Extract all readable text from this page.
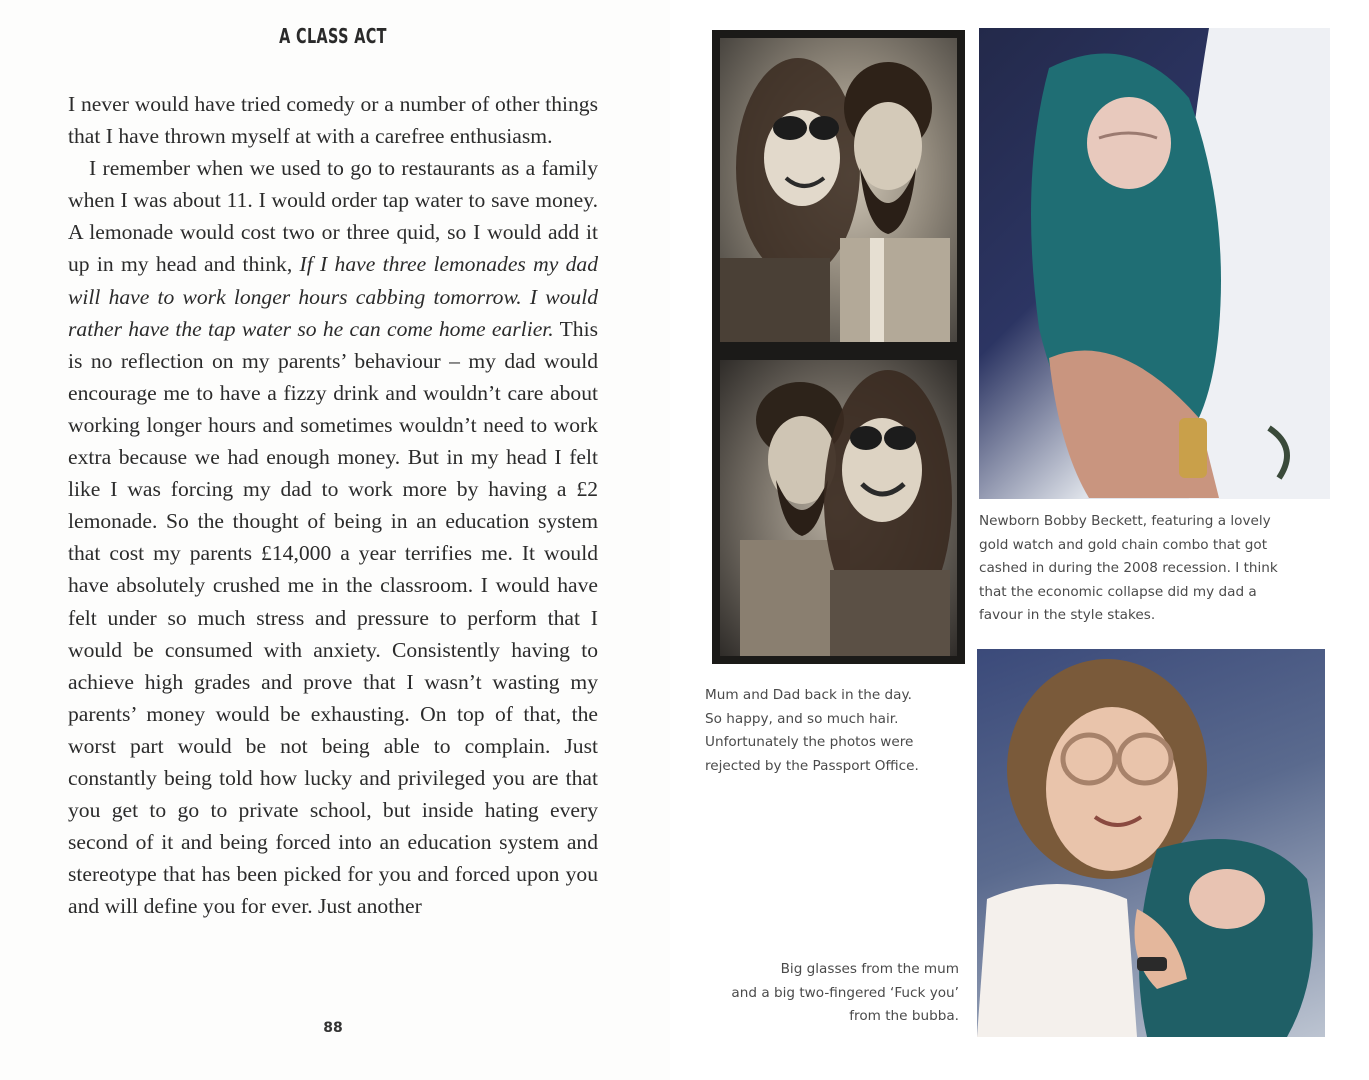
A CLASS ACT

I never would have tried comedy or a number of other things that I have thrown myself at with a carefree enthusiasm.

I remember when we used to go to restaurants as a family when I was about 11. I would order tap water to save money. A lemonade would cost two or three quid, so I would add it up in my head and think, If I have three lemonades my dad will have to work longer hours cabbing tomorrow. I would rather have the tap water so he can come home earlier. This is no reflection on my parents’ behaviour – my dad would encourage me to have a fizzy drink and wouldn’t care about working longer hours and sometimes wouldn’t need to work extra because we had enough money. But in my head I felt like I was forcing my dad to work more by having a £2 lemonade. So the thought of being in an education system that cost my parents £14,000 a year terrifies me. It would have absolutely crushed me in the classroom. I would have felt under so much stress and pressure to perform that I would be consumed with anxiety. Consistently having to achieve high grades and prove that I wasn’t wasting my parents’ money would be exhausting. On top of that, the worst part would be not being able to complain. Just constantly being told how lucky and privileged you are that you get to go to private school, but inside hating every second of it and being forced into an education system and stereotype that has been picked for you and forced upon you and will define you for ever. Just another

88
Newborn Bobby Beckett, featuring a lovely
gold watch and gold chain combo that got
cashed in during the 2008 recession. I think
that the economic collapse did my dad a
favour in the style stakes.
Mum and Dad back in the day.
So happy, and so much hair.
Unfortunately the photos were
rejected by the Passport Office.
Big glasses from the mum
and a big two-fingered ‘Fuck you’
from the bubba.
